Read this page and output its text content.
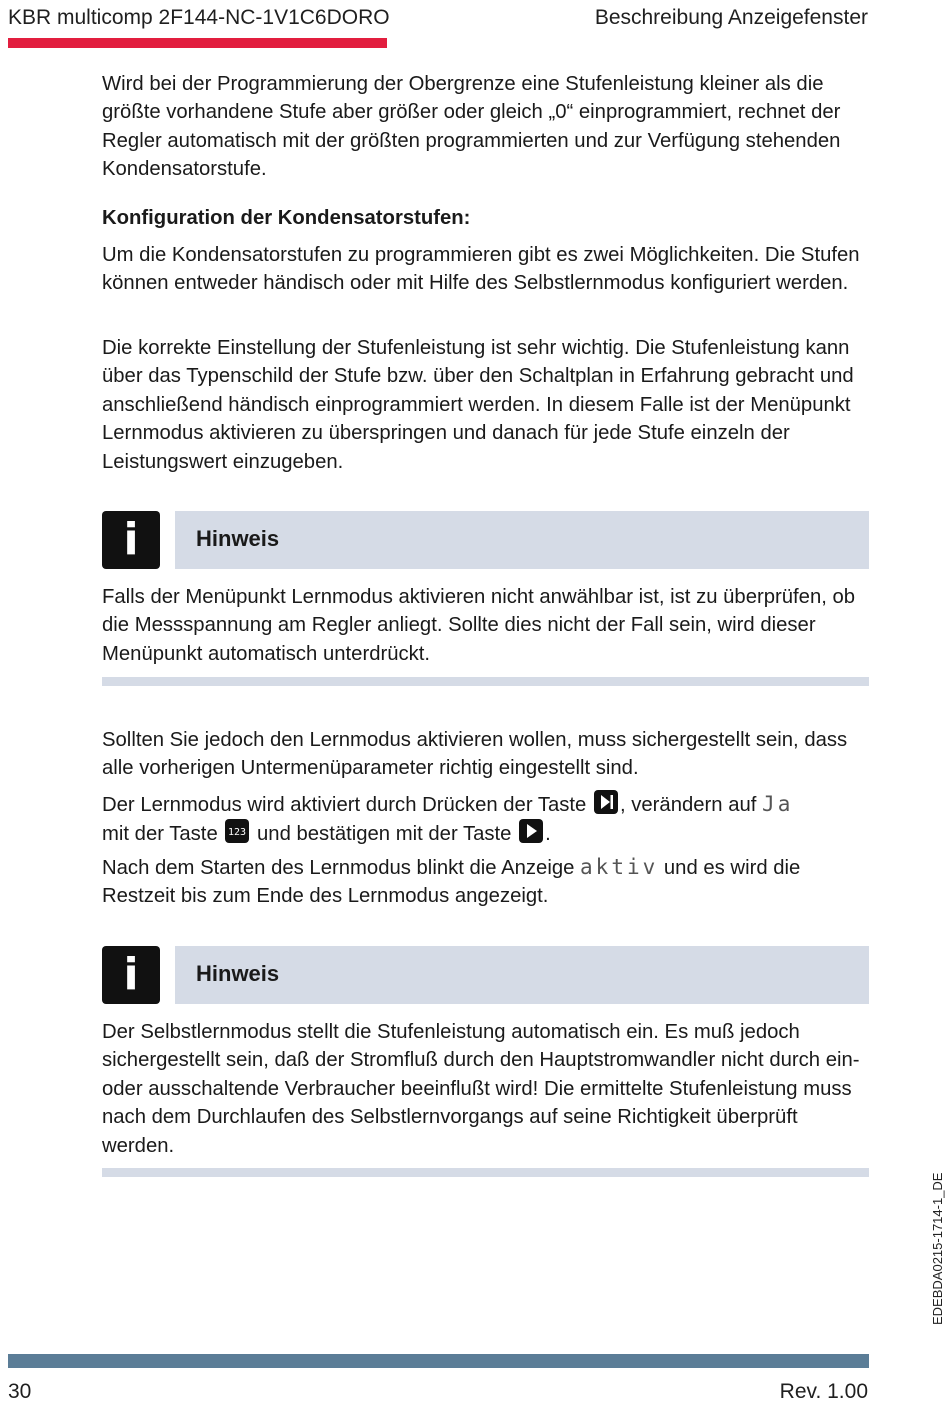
KBR multicomp 2F144-NC-1V1C6DORO	Beschreibung Anzeigefenster

Wird bei der Programmierung der Obergrenze eine Stufenleistung kleiner als die größte vorhandene Stufe aber größer oder gleich „0“ einprogrammiert, rechnet der Regler automatisch mit der größten programmierten und zur Verfügung stehenden Kondensatorstufe.

Konfiguration der Kondensatorstufen:

Um die Kondensatorstufen zu programmieren gibt es zwei Möglichkeiten. Die Stufen können entweder händisch oder mit Hilfe des Selbstlernmodus konfiguriert werden.

Die korrekte Einstellung der Stufenleistung ist sehr wichtig. Die Stufenleistung kann über das Typenschild der Stufe bzw. über den Schaltplan in Erfahrung gebracht und anschließend händisch einprogrammiert werden. In diesem Falle ist der Menüpunkt Lernmodus aktivieren zu überspringen und danach für jede Stufe einzeln der Leistungswert einzugeben.

i	Hinweis

Falls der Menüpunkt Lernmodus aktivieren nicht anwählbar ist, ist zu überprüfen, ob die Messspannung am Regler anliegt. Sollte dies nicht der Fall sein, wird dieser Menüpunkt automatisch unterdrückt.

Sollten Sie jedoch den Lernmodus aktivieren wollen, muss sichergestellt sein, dass alle vorherigen Untermenüparameter richtig eingestellt sind.

Der Lernmodus wird aktiviert durch Drücken der Taste , verändern auf Ja
mit der Taste 123 und bestätigen mit der Taste .

Nach dem Starten des Lernmodus blinkt die Anzeige aktiv und es wird die Restzeit bis zum Ende des Lernmodus angezeigt.

i	Hinweis

Der Selbstlernmodus stellt die Stufenleistung automatisch ein. Es muß jedoch sichergestellt sein, daß der Stromfluß durch den Hauptstromwandler nicht durch ein- oder ausschaltende Verbraucher beeinflußt wird! Die ermittelte Stufenleistung muss nach dem Durchlaufen des Selbstlernvorgangs auf seine Richtigkeit überprüft werden.

EDEBDA0215-1714-1_DE
30	Rev. 1.00
